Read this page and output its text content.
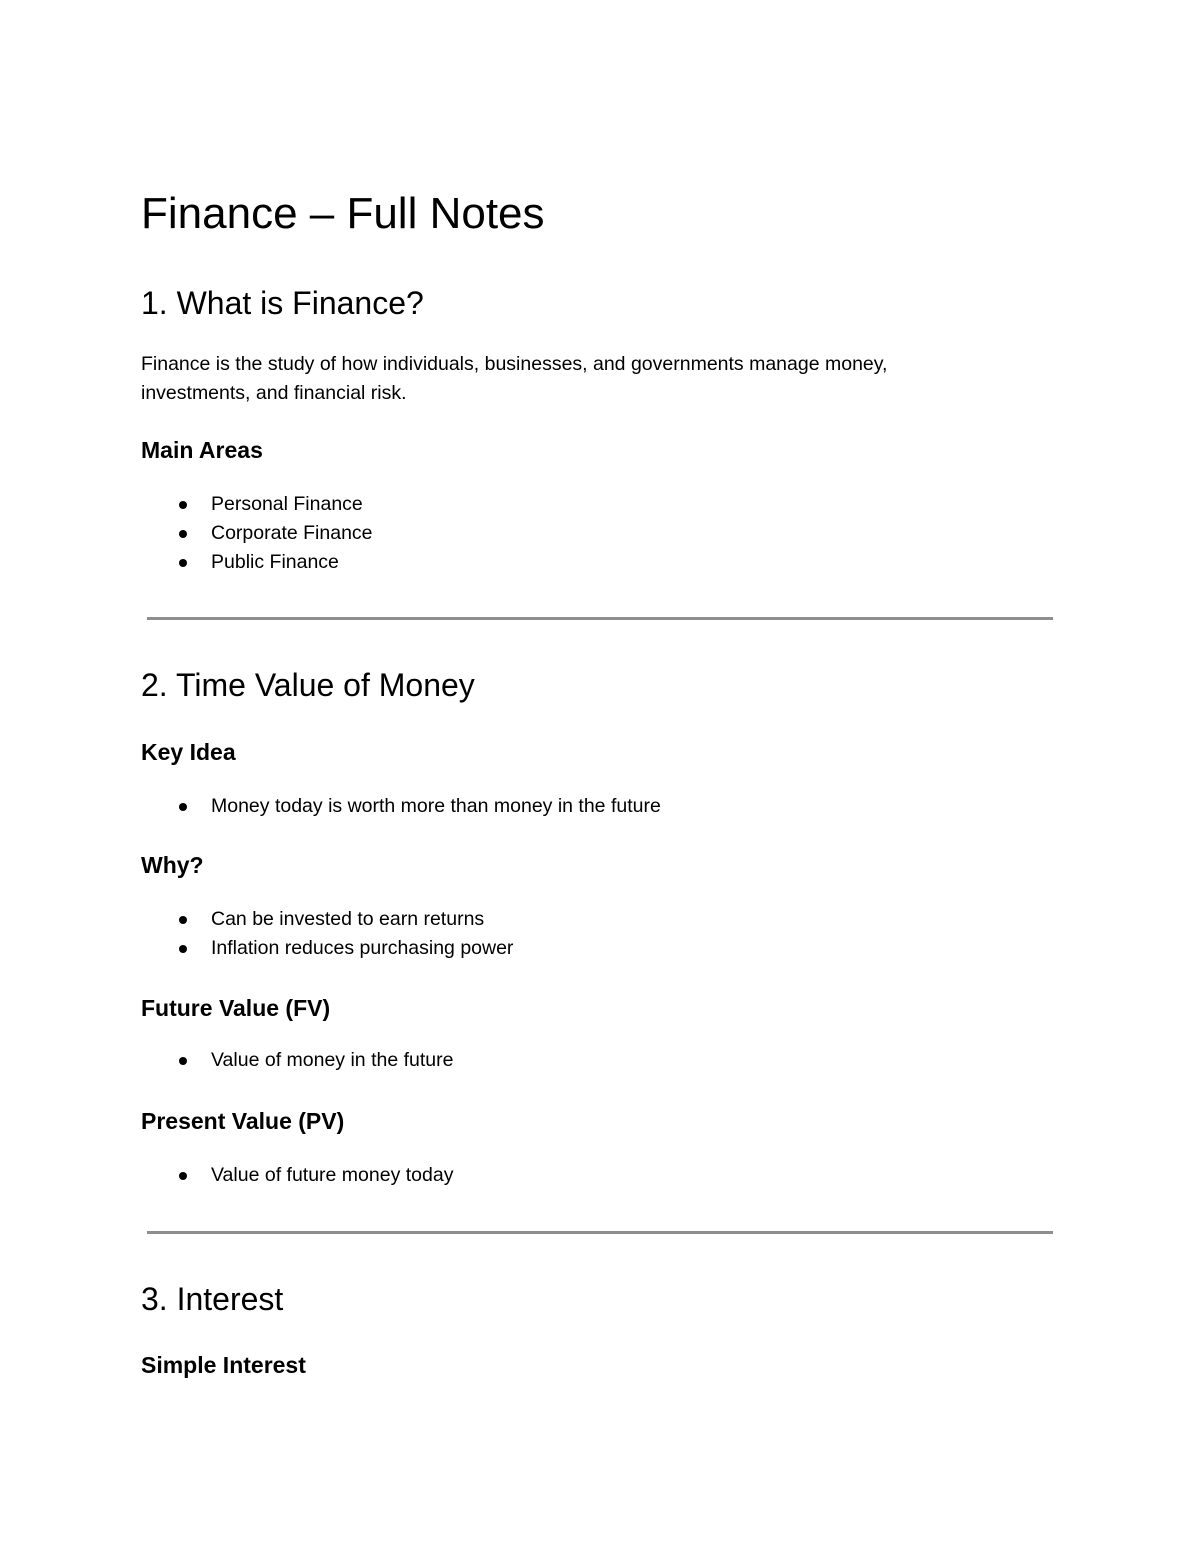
Finance – Full Notes
1. What is Finance?

Finance is the study of how individuals, businesses, and governments manage money,
investments, and financial risk.

Main Areas
Personal Finance
Corporate Finance
Public Finance
2. Time Value of Money
Key Idea
Money today is worth more than money in the future
Why?
Can be invested to earn returns
Inflation reduces purchasing power
Future Value (FV)
Value of money in the future
Present Value (PV)
Value of future money today
3. Interest
Simple Interest
